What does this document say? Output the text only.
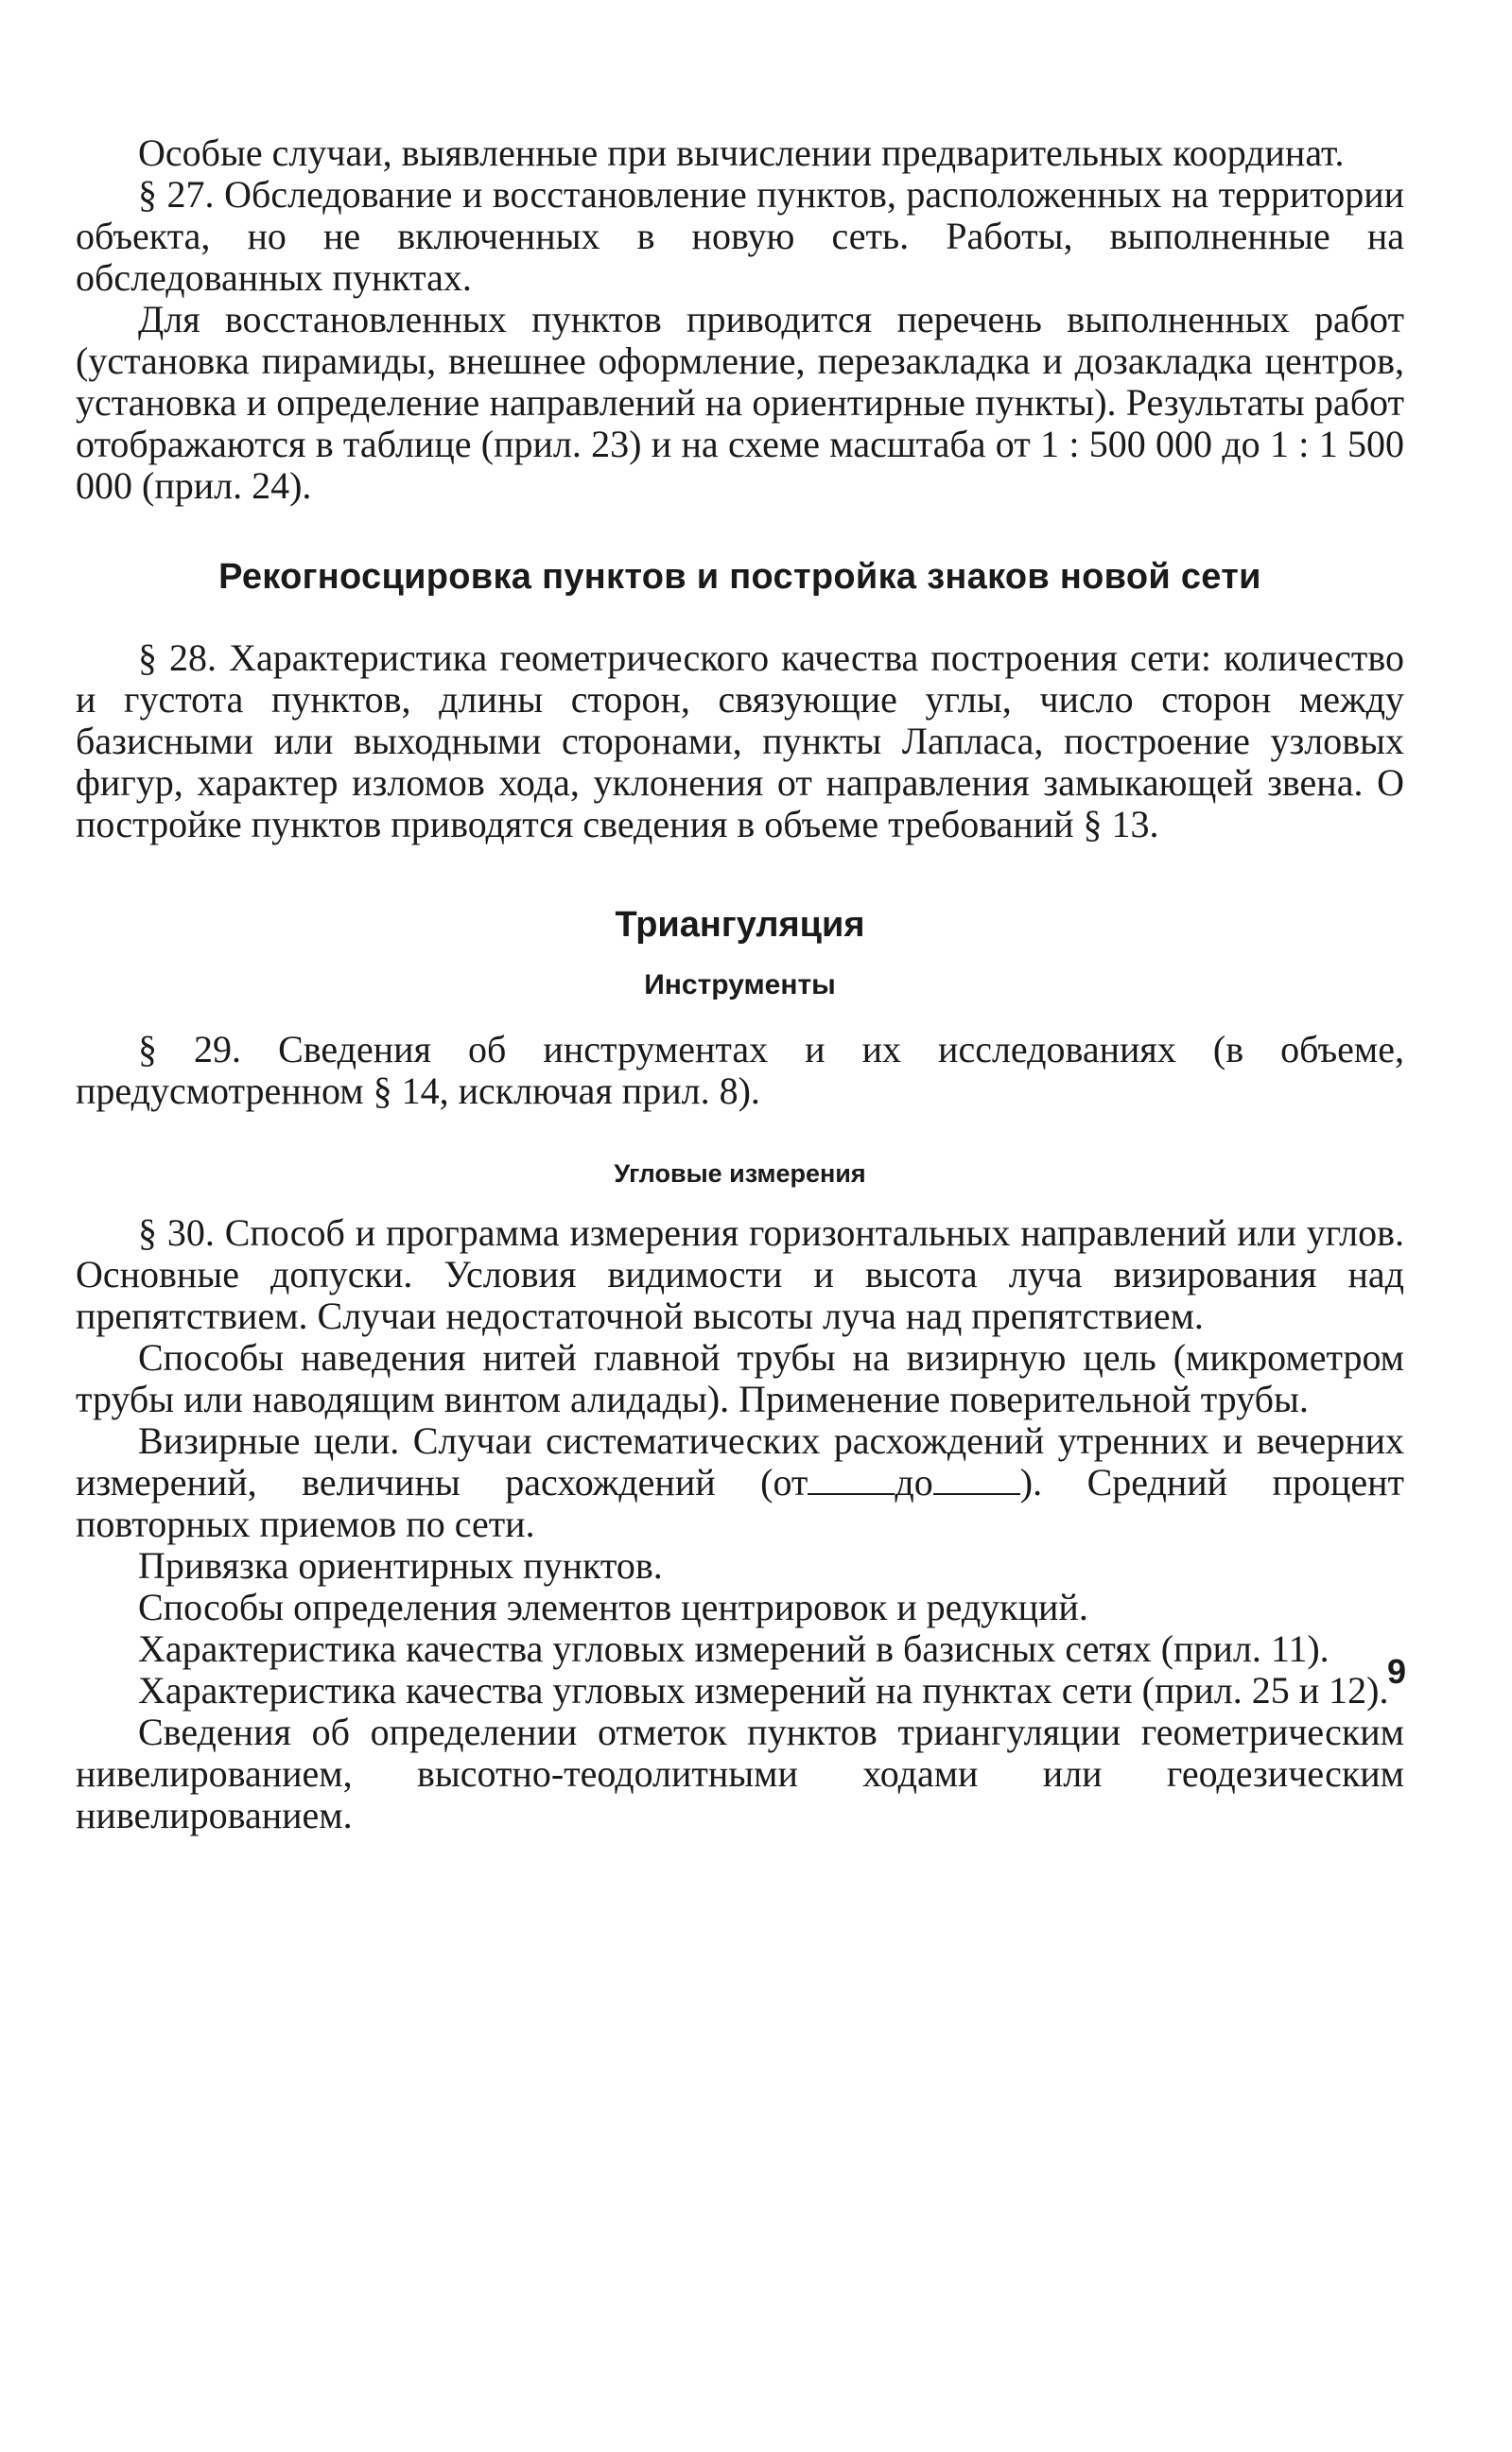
Особые случаи, выявленные при вычислении предварительных координат.

§ 27. Обследование и восстановление пунктов, расположенных на территории объекта, но не включенных в новую сеть. Работы, выполненные на обследованных пунктах.

Для восстановленных пунктов приводится перечень выполненных работ (установка пирамиды, внешнее оформление, перезакладка и дозакладка центров, установка и определение направлений на ориентирные пункты). Результаты работ отображаются в таблице (прил. 23) и на схеме масштаба от 1 : 500 000 до 1 : 1 500 000 (прил. 24).

Рекогносцировка пунктов и постройка знаков новой сети

§ 28. Характеристика геометрического качества построения сети: количество и густота пунктов, длины сторон, связующие углы, число сторон между базисными или выходными сторонами, пункты Лапласа, построение узловых фигур, характер изломов хода, уклонения от направления замыкающей звена. О постройке пунктов приводятся сведения в объеме требований § 13.

Триангуляция
Инструменты

§ 29. Сведения об инструментах и их исследованиях (в объеме, предусмотренном § 14, исключая прил. 8).

Угловые измерения

§ 30. Способ и программа измерения горизонтальных направлений или углов. Основные допуски. Условия видимости и высота луча визирования над препятствием. Случаи недостаточной высоты луча над препятствием.

Способы наведения нитей главной трубы на визирную цель (микрометром трубы или наводящим винтом алидады). Применение поверительной трубы.

Визирные цели. Случаи систематических расхождений утренних и вечерних измерений, величины расхождений (от до ). Средний процент повторных приемов по сети.

Привязка ориентирных пунктов.

Способы определения элементов центрировок и редукций.

Характеристика качества угловых измерений в базисных сетях (прил. 11).

Характеристика качества угловых измерений на пунктах сети (прил. 25 и 12).

Сведения об определении отметок пунктов триангуляции геометрическим нивелированием, высотно-теодолитными ходами или геодезическим нивелированием.

9
